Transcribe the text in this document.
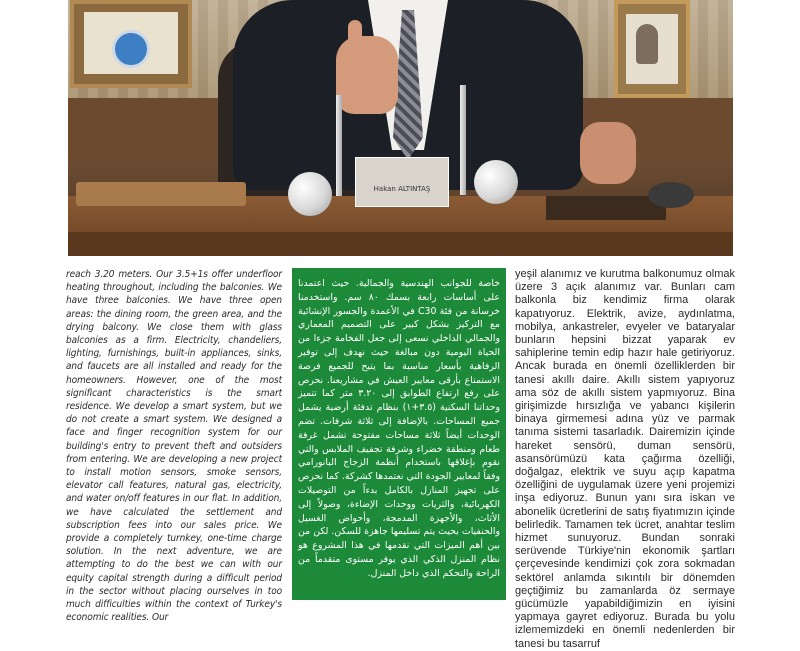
Hakan ALTINTAŞ

reach 3.20 meters. Our 3.5+1s offer underfloor heating throughout, including the balconies. We have three balconies. We have three open areas: the dining room, the green area, and the drying balcony. We close them with glass balconies as a firm. Electricity, chandeliers, lighting, furnishings, built-in appliances, sinks, and faucets are all installed and ready for the homeowners. However, one of the most significant characteristics is the smart residence. We develop a smart system, but we do not create a smart system. We designed a face and finger recognition system for our building's entry to prevent theft and outsiders from entering. We are developing a new project to install motion sensors, smoke sensors, elevator call features, natural gas, electricity, and water on/off features in our flat. In addition, we have calculated the settlement and subscription fees into our sales price. We provide a completely turnkey, one-time charge solution. In the next adventure, we are attempting to do the best we can with our equity capital strength during a difficult period in the sector without placing ourselves in too much difficulties within the context of Turkey's economic realities. Our

خاصة للجوانب الهندسية والجمالية. حيث اعتمدنا على أساسات رابعة بسمك ٨٠ سم. واستخدمنا خرسانة من فئة C30 في الأعمدة والجسور الإنشائية مع التركيز بشكل كبير على التصميم المعماري والجمالي الداخلي نسعى إلى جعل الفخامة جزءا من الحياة اليومية دون مبالغة حيث نهدف إلى توفير الرفاهية بأسعار مناسبة بما يتيح للجميع فرصة الاستمتاع بأرقى معايير العيش في مشاريعنا. نحرص على رفع ارتفاع الطوابق إلى ٣.٢٠ متر كما تتميز وحداتنا السكنية (٣.٥+١) بنظام تدفئة أرضية يشمل جميع المساحات. بالإضافة إلى ثلاثة شرفات. تضم الوحدات أيضاً ثلاثة مساحات مفتوحة تشمل غرفة طعام ومنطقة خضراء وشرفة تجفيف الملابس والتي نقوم بإغلاقها باستخدام أنظمة الزجاج البانورامي وفقاً لمعايير الجودة التي نعتمدها كشركة. كما نحرص على تجهيز المنازل بالكامل بدءاً من التوصيلات الكهربائية، والثريات ووحدات الإضاءة، وصولاً إلى الأثاث، والأجهزة المدمجة، وأحواض الغسيل والحنفيات بحيث يتم تسليمها جاهزة للسكن. لكن من بين أهم الميزات التي نقدمها في هذا المشروع هو نظام المنزل الذكي الذي يوفر مستوى متقدماً من الراحة والتحكم الذي داخل المنزل.

yeşil alanımız ve kurutma balkonumuz olmak üzere 3 açık alanımız var. Bunları cam balkonla biz kendimiz firma olarak kapatıyoruz. Elektrik, avize, aydınlatma, mobilya, ankastreler, evyeler ve bataryalar bunların hepsini bizzat yaparak ev sahiplerine temin edip hazır hale getiriyoruz. Ancak burada en önemli özelliklerden bir tanesi akıllı daire. Akıllı sistem yapıyoruz ama söz de akıllı sistem yapmıyoruz. Bina girişimizde hırsızlığa ve yabancı kişilerin binaya girmemesi adına yüz ve parmak tanıma sistemi tasarladık. Dairemizin içinde hareket sensörü, duman sensörü, asansörümüzü kata çağırma özelliği, doğalgaz, elektrik ve suyu açıp kapatma özelliğini de uygulamak üzere yeni projemizi inşa ediyoruz. Bunun yanı sıra iskan ve abonelik ücretlerini de satış fiyatımızın içinde belirledik. Tamamen tek ücret, anahtar teslim hizmet sunuyoruz. Bundan sonraki serüvende Türkiye'nin ekonomik şartları çerçevesinde kendimizi çok zora sokmadan sektörel anlamda sıkıntılı bir dönemden geçtiğimiz bu zamanlarda öz sermaye gücümüzle yapabildiğimizin en iyisini yapmaya gayret ediyoruz. Burada bu yolu izlememizdeki en önemli nedenlerden bir tanesi bu tasarruf
